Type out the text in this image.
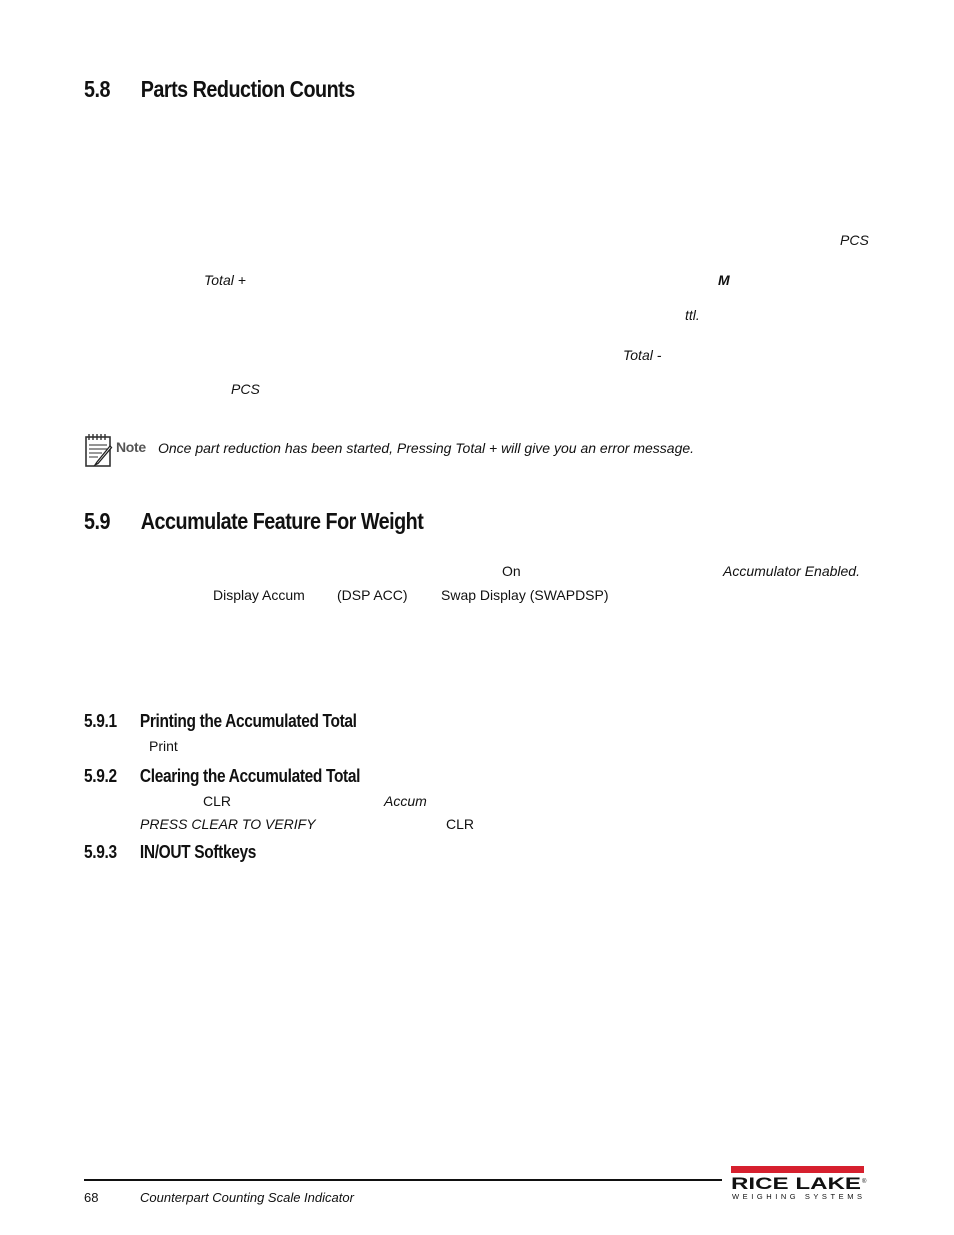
5.8 Parts Reduction Counts
PCS
Total +	M
ttl.
Total -
PCS
Note Once part reduction has been started, Pressing Total + will give you an error message.
5.9 Accumulate Feature For Weight
On	Accumulator Enabled.
Display Accum (DSP ACC) Swap Display (SWAPDSP)
5.9.1 Printing the Accumulated Total
Print
5.9.2 Clearing the Accumulated Total
CLR	Accum
PRESS CLEAR TO VERIFY	CLR
5.9.3 IN/OUT Softkeys
68	Counterpart Counting Scale Indicator
RICE LAKE ®
WEIGHING SYSTEMS
